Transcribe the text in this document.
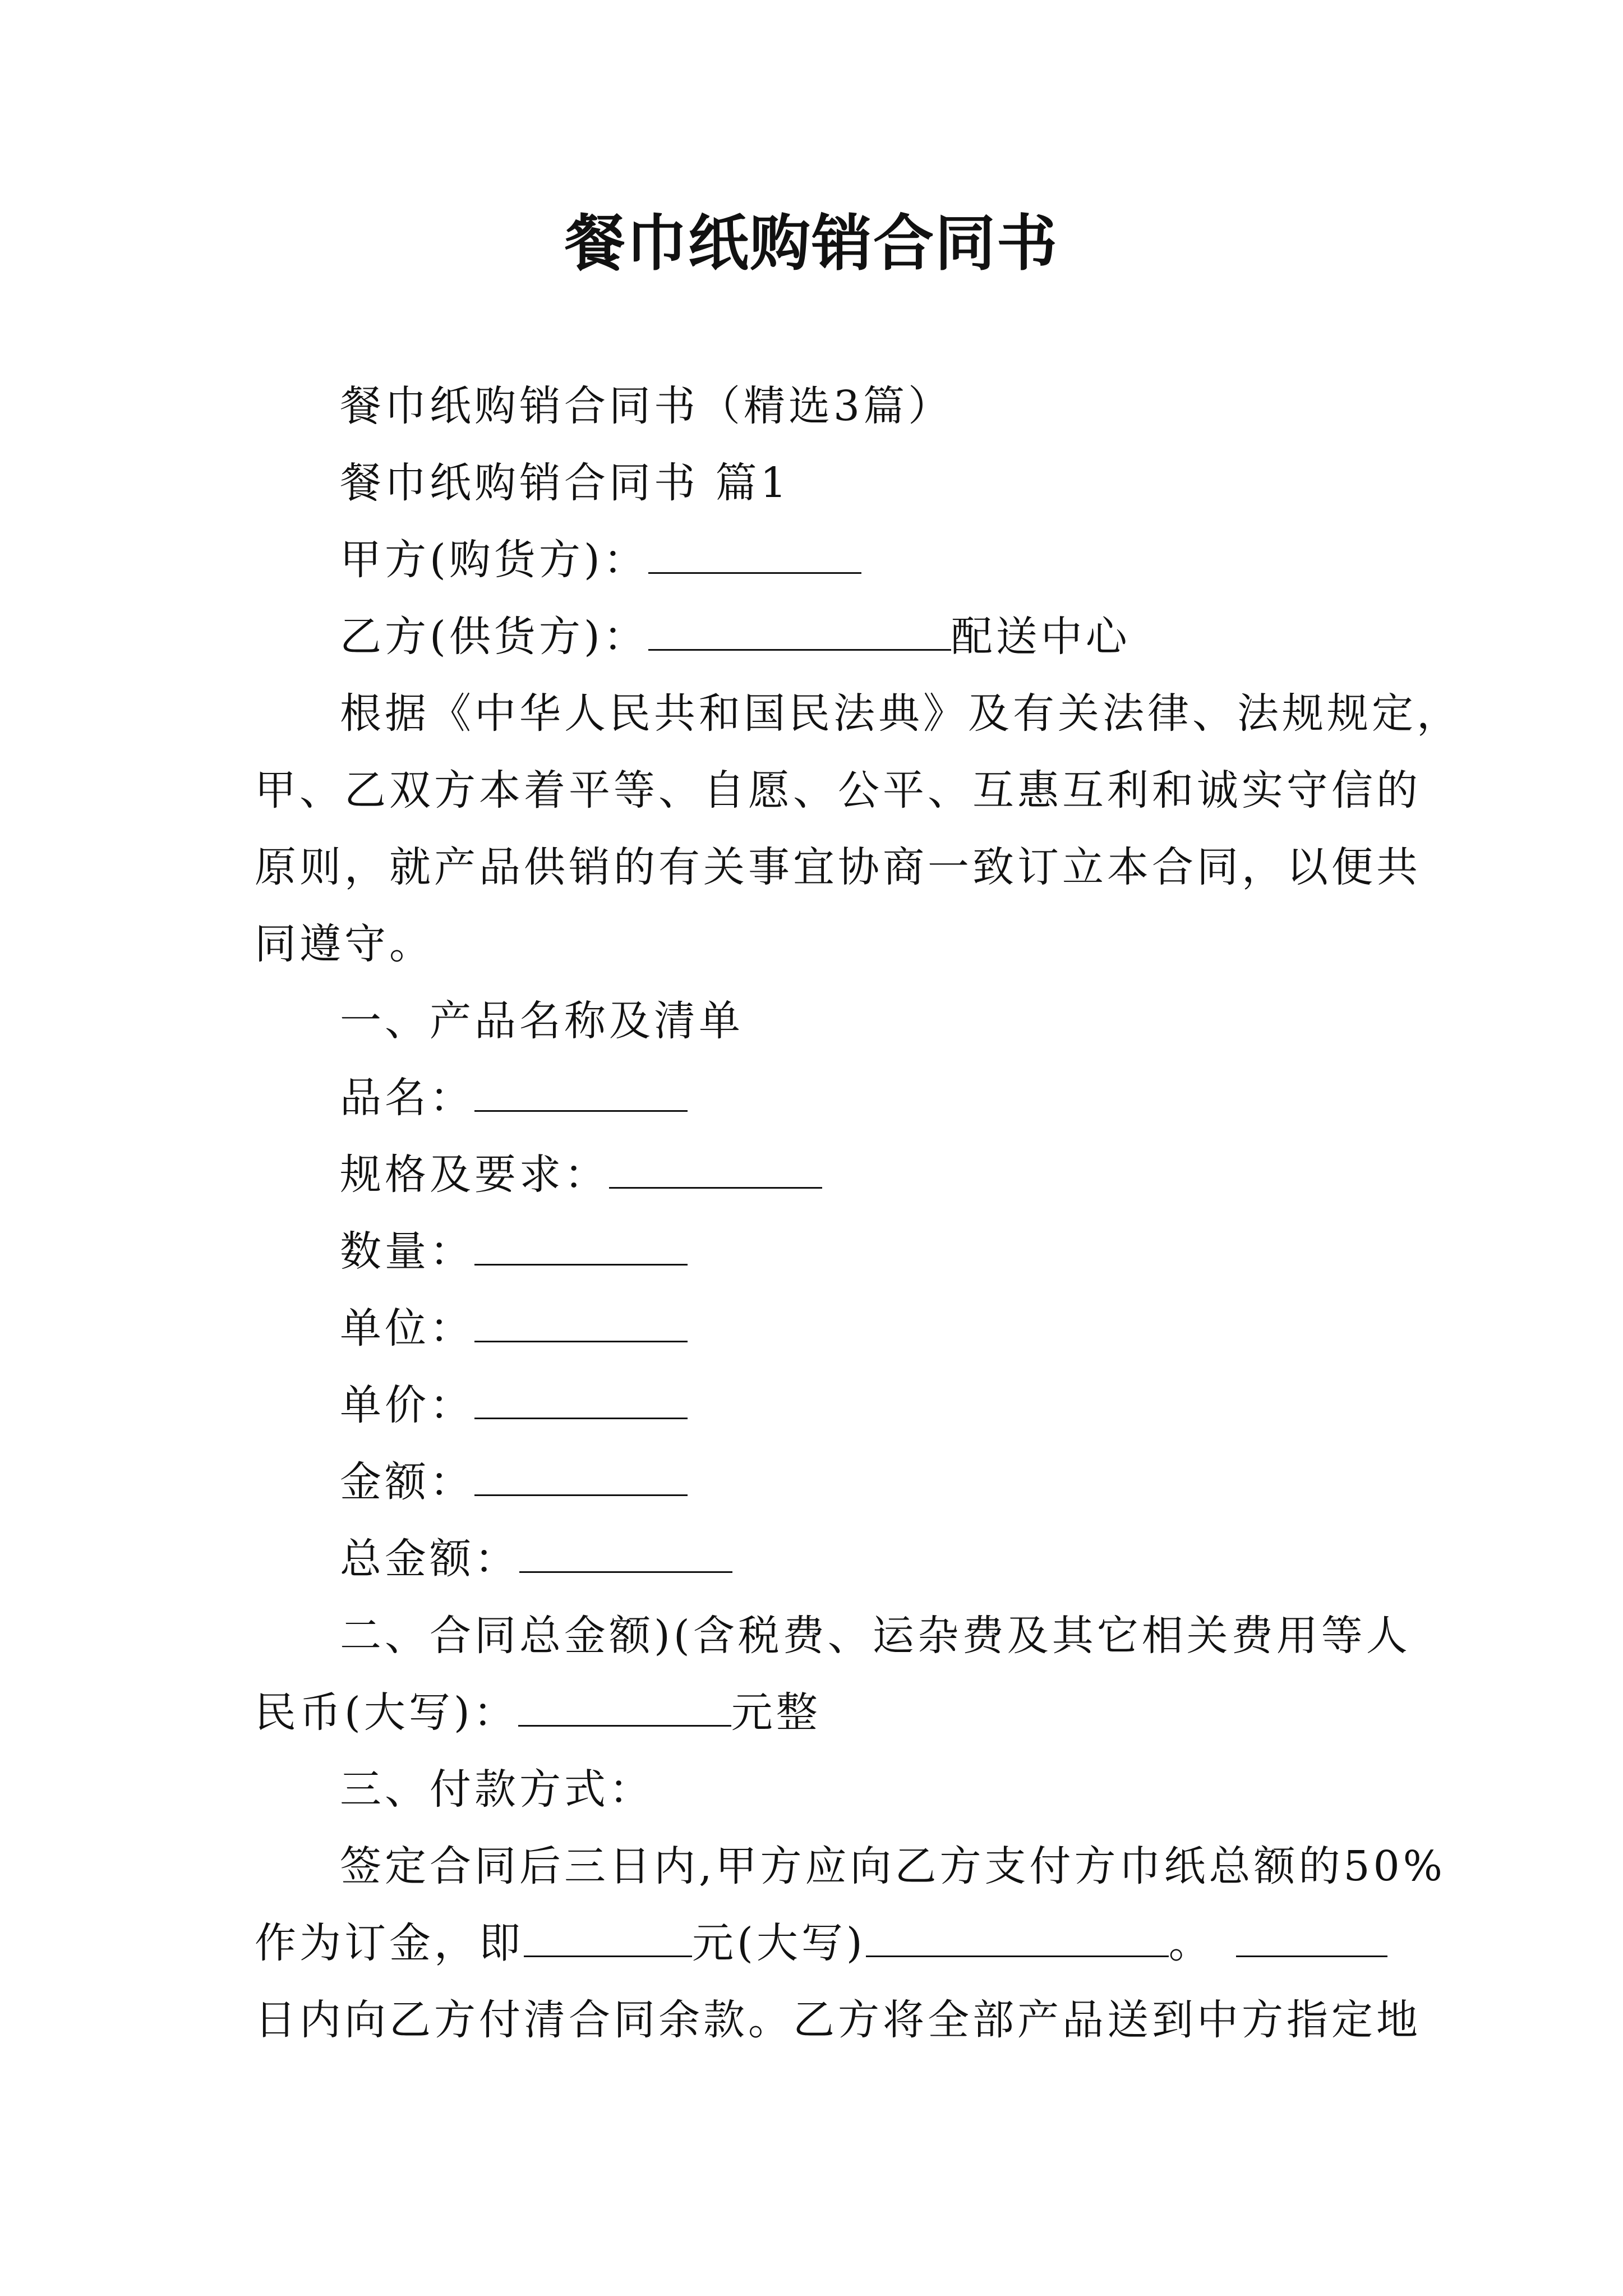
餐巾纸购销合同书

餐巾纸购销合同书（精选3篇）

餐巾纸购销合同书 篇1

甲方(购货方)：

乙方(供货方)：	配送中心

根据《中华人民共和国民法典》及有关法律、法规规定，

甲、乙双方本着平等、自愿、公平、互惠互利和诚实守信的

原则，就产品供销的有关事宜协商一致订立本合同，以便共

同遵守。

一、产品名称及清单

品名：

规格及要求：

数量：

单位：

单价：

金额：

总金额：

二、合同总金额)(含税费、运杂费及其它相关费用等人

民币(大写)：	元整

三、付款方式：

签定合同后三日内,甲方应向乙方支付方巾纸总额的50%

作为订金，即	元(大写)	。

日内向乙方付清合同余款。乙方将全部产品送到中方指定地
